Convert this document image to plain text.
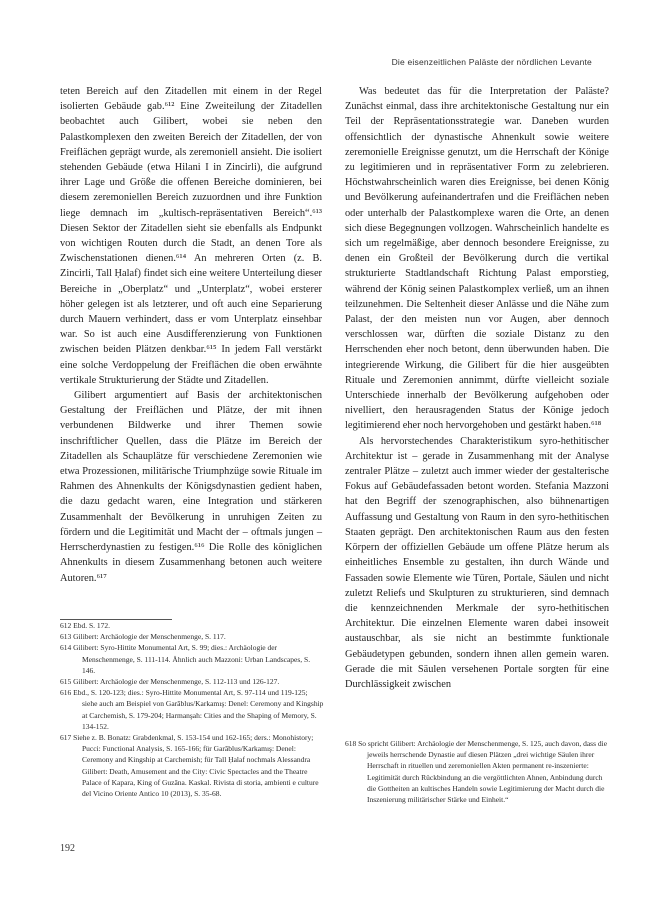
Die eisenzeitlichen Paläste der nördlichen Levante

teten Bereich auf den Zitadellen mit einem in der Regel isolierten Gebäude gab.⁶¹² Eine Zweiteilung der Zitadellen beobachtet auch Gilibert, wobei sie neben den Palastkomplexen den zweiten Bereich der Zitadellen, der von Freiflächen geprägt wurde, als zeremoniell ansieht. Die isoliert stehenden Gebäude (etwa Hilani I in Zincirli), die aufgrund ihrer Lage und Größe die offenen Bereiche dominieren, bei diesem zeremoniellen Bereich zuzuordnen und ihre Funktion liege demnach im „kultisch-repräsentativen Bereich“.⁶¹³ Diesen Sektor der Zitadellen sieht sie ebenfalls als Endpunkt von wichtigen Routen durch die Stadt, an denen Tore als Zwischenstationen dienen.⁶¹⁴ An mehreren Orten (z. B. Zincirli, Tall Ḥalaf) findet sich eine weitere Unterteilung dieser Bereiche in „Oberplatz“ und „Unterplatz“, wobei ersterer höher gelegen ist als letzterer, und oft auch eine Separierung durch Mauern verhindert, dass er vom Unterplatz einsehbar war. So ist auch eine Ausdifferenzierung von Funktionen zwischen beiden Plätzen denkbar.⁶¹⁵ In jedem Fall verstärkt eine solche Verdoppelung der Freiflächen die oben erwähnte vertikale Strukturierung der Städte und Zitadellen.

Gilibert argumentiert auf Basis der architektonischen Gestaltung der Freiflächen und Plätze, der mit ihnen verbundenen Bildwerke und ihrer Themen sowie inschriftlicher Quellen, dass die Plätze im Bereich der Zitadellen als Schauplätze für verschiedene Zeremonien wie etwa Prozessionen, militärische Triumphzüge sowie Rituale im Rahmen des Ahnenkults der Königsdynastien gedient haben, die dazu gedacht waren, eine Integration und stärkeren Zusammenhalt der Bevölkerung in unruhigen Zeiten zu fördern und die Legitimität und Macht der – oftmals jungen – Herrscherdynastien zu festigen.⁶¹⁶ Die Rolle des königlichen Ahnenkults in diesem Zusammenhang betonen auch weitere Autoren.⁶¹⁷

Was bedeutet das für die Interpretation der Paläste? Zunächst einmal, dass ihre architektonische Gestaltung nur ein Teil der Repräsentationsstrategie war. Daneben wurden offensichtlich der dynastische Ahnenkult sowie weitere zeremonielle Ereignisse genutzt, um die Herrschaft der Könige zu legitimieren und in repräsentativer Form zu zelebrieren. Höchstwahrscheinlich waren dies Ereignisse, bei denen König und Bevölkerung aufeinandertrafen und die Freiflächen neben oder unterhalb der Palastkomplexe waren die Orte, an denen sich diese Begegnungen vollzogen. Wahrscheinlich handelte es sich um regelmäßige, aber dennoch besondere Ereignisse, zu denen ein Großteil der Bevölkerung durch die vertikal strukturierte Stadtlandschaft Richtung Palast emporstieg, während der König seinen Palastkomplex verließ, um an ihnen teilzunehmen. Die Seltenheit dieser Anlässe und die Nähe zum Palast, der den meisten nun vor Augen, aber dennoch verschlossen war, dürften die soziale Distanz zu den Herrschenden eher noch betont, denn überwunden haben. Die integrierende Wirkung, die Gilibert für die hier ausgeübten Rituale und Zeremonien annimmt, dürfte vielleicht soziale Unterschiede innerhalb der Bevölkerung aufgehoben oder nivelliert, den herausragenden Status der Könige jedoch legitimierend eher noch hervorgehoben und gestärkt haben.⁶¹⁸

Als hervorstechendes Charakteristikum syro-hethitischer Architektur ist – gerade in Zusammenhang mit der Analyse zentraler Plätze – zuletzt auch immer wieder der gestalterische Fokus auf Gebäudefassaden betont worden. Stefania Mazzoni hat den Begriff der szenographischen, also bühnenartigen Auffassung und Gestaltung von Raum in den syro-hethitischen Staaten geprägt. Den architektonischen Raum aus den festen Körpern der offiziellen Gebäude um offene Plätze herum als einheitliches Ensemble zu gestalten, ihn durch Wände und Fassaden sowie Elemente wie Türen, Portale, Säulen und nicht zuletzt Reliefs und Skulpturen zu strukturieren, sind demnach die kennzeichnenden Merkmale der syro-hethitischen Architektur. Die einzelnen Elemente waren dabei insoweit austauschbar, als sie nicht an bestimmte funktionale Gebäudetypen gebunden, sondern ihnen allen gemein waren. Gerade die mit Säulen versehenen Portale sorgten für eine Durchlässigkeit zwischen

612 Ebd. S. 172.

613 Gilibert: Archäologie der Menschenmenge, S. 117.

614 Gilibert: Syro-Hittite Monumental Art, S. 99; dies.: Archäologie der Menschenmenge, S. 111-114. Ähnlich auch Mazzoni: Urban Landscapes, S. 146.

615 Gilibert: Archäologie der Menschenmenge, S. 112-113 und 126-127.

616 Ebd., S. 120-123; dies.: Syro-Hittite Monumental Art, S. 97-114 und 119-125; siehe auch am Beispiel von Garāblus/Karkamış: Denel: Ceremony and Kingship at Carchemish, S. 179-204; Harmanşah: Cities and the Shaping of Memory, S. 134-152.

617 Siehe z. B. Bonatz: Grabdenkmal, S. 153-154 und 162-165; ders.: Monohistory; Pucci: Functional Analysis, S. 165-166; für Garāblus/Karkamış: Denel: Ceremony and Kingship at Carchemish; für Tall Ḥalaf nochmals Alessandra Gilibert: Death, Amusement and the City: Civic Spectacles and the Theatre Palace of Kapara, King of Guzāna. Kaskal. Rivista di storia, ambienti e culture del Vicino Oriente Antico 10 (2013), S. 35-68.

618 So spricht Gilibert: Archäologie der Menschenmenge, S. 125, auch davon, dass die jeweils herrschende Dynastie auf diesen Plätzen „drei wichtige Säulen ihrer Herrschaft in rituellen und zeremoniellen Akten permanent re-inszenierte: Legitimität durch Rückbindung an die vergöttlichten Ahnen, Anbindung durch die Gottheiten an kultisches Handeln sowie Legitimierung der Macht durch die Inszenierung militärischer Stärke und Einheit.“

192
